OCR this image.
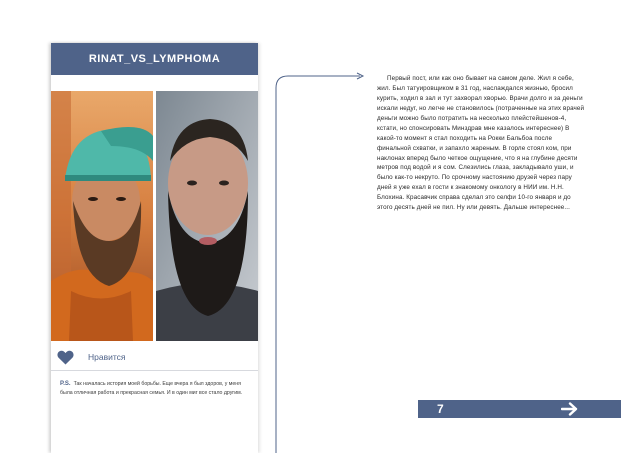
RINAT_VS_LYMPHOMA
Нравится
P.S. Так началась история моей борьбы. Еще вчера я был здоров, у меня была отличная работа и прекрасная семья. И в один миг все стало другим.
Первый пост, или как оно бывает на самом деле. Жил я себе, жил. Был татуировщиком в 31 год, наслаждался жизнью, бросил курить, ходил в зал и тут захворал хворью. Врачи долго и за деньги искали недуг, но легче не становилось (потраченные на этих врачей деньги можно было потратить на несколько плейстейшенов-4, кстати, но спонсировать Минздрав мне казалось интереснее) В какой-то момент я стал походить на Рокки Бальбоа после финальной схватки, и запахло жареным. В горле стоял ком, при наклонах вперед было четкое ощущение, что я на глубине десяти метров под водой и я сом. Слезились глаза, закладывало уши, и было как-то некруто. По срочному настоянию друзей через пару дней я уже ехал в гости к знакомому онкологу в НИИ им. Н.Н. Блохина. Красавчик справа сделал это селфи 10-го января и до этого десять дней не пил. Ну или девять. Дальше интереснее...
7
